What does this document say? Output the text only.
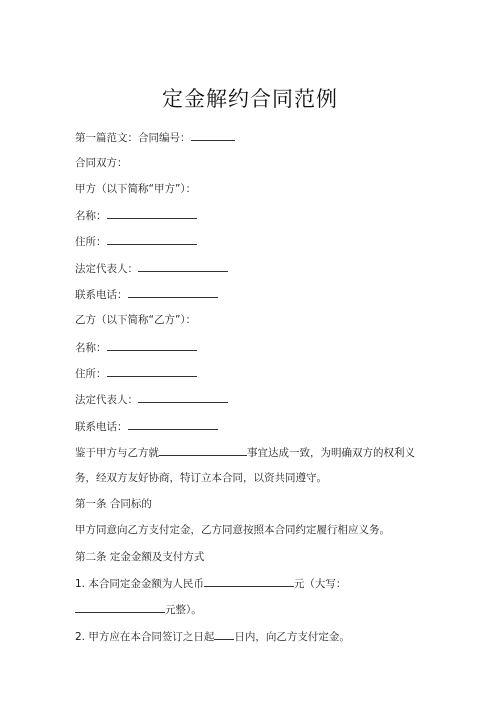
定金解约合同范例
第一篇范文：合同编号：
合同双方：
甲方（以下简称“甲方”）：
名称：
住所：
法定代表人：
联系电话：
乙方（以下简称“乙方”）：
名称：
住所：
法定代表人：
联系电话：
鉴于甲方与乙方就	事宜达成一致，为明确双方的权利义
务，经双方友好协商，特订立本合同，以资共同遵守。
第一条 合同标的
甲方同意向乙方支付定金，乙方同意按照本合同约定履行相应义务。
第二条 定金金额及支付方式
1. 本合同定金金额为人民币	元（大写：
元整）。
2. 甲方应在本合同签订之日起 日内，向乙方支付定金。
